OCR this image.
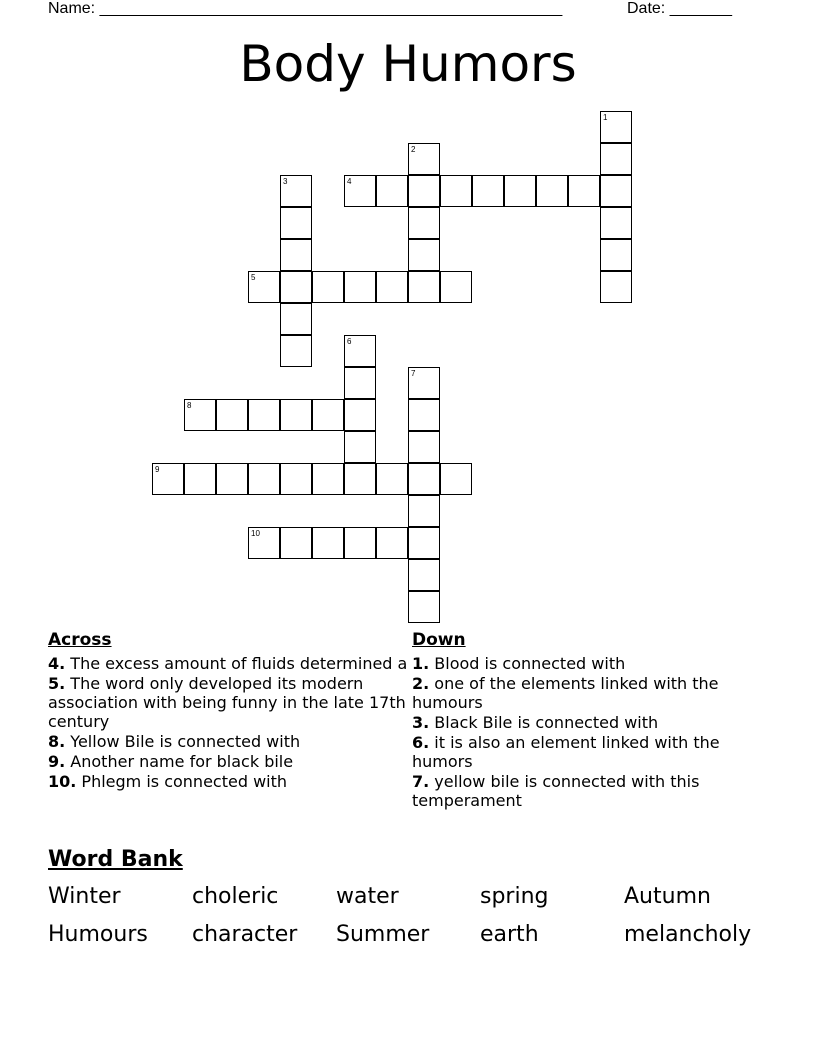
Name: ____________________________________________________

	Date: _______

Body Humors
1
2
3	4
5
6
7
8
9
10
Across
4. The excess amount of fluids determined a
5. The word only developed its modern association with being funny in the late 17th century
8. Yellow Bile is connected with
9. Another name for black bile
10. Phlegm is connected with
Down
1. Blood is connected with
2. one of the elements linked with the humours
3. Black Bile is connected with
6. it is also an element linked with the humors
7. yellow bile is connected with this temperament
Word Bank
Winter	choleric	water	spring	Autumn
Humours character Summer earth	melancholy
